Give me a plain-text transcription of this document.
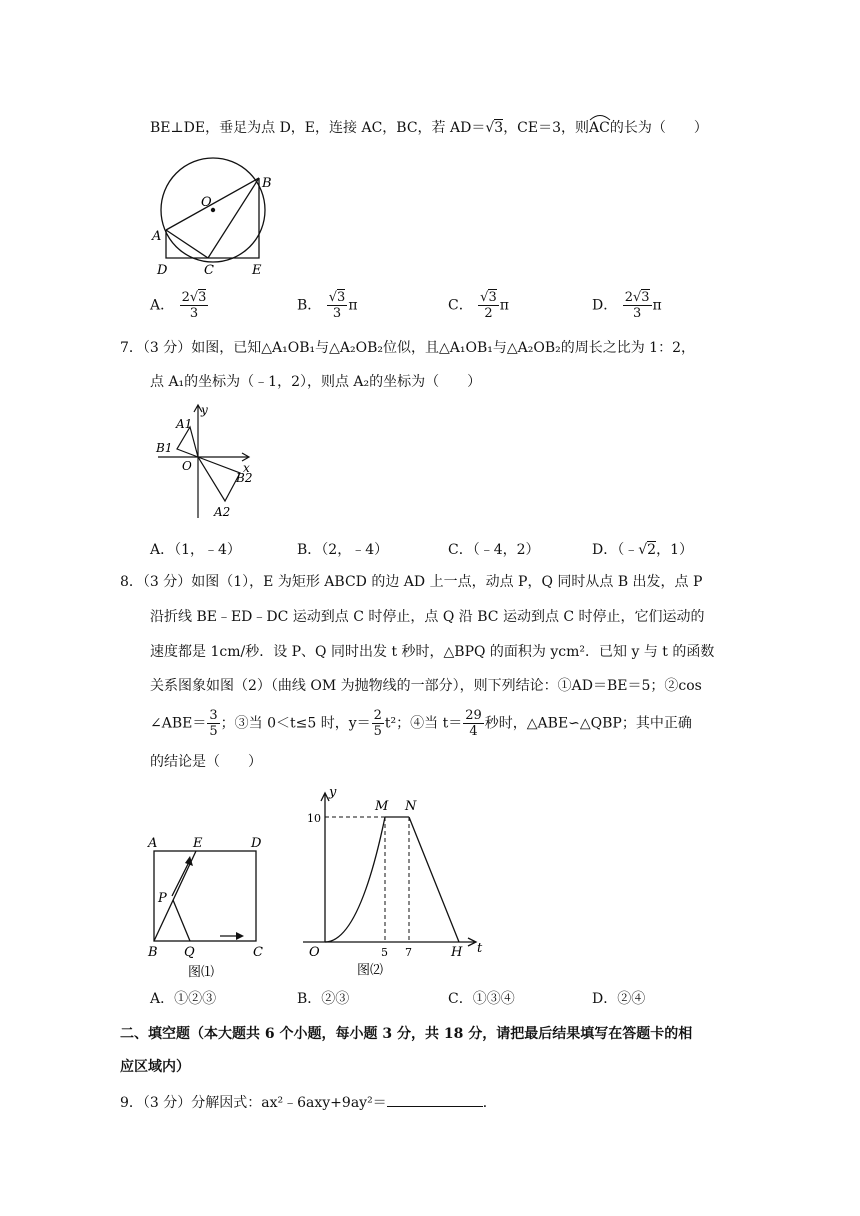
BE⊥DE，垂足为点 D，E，连接 AC，BC，若 AD＝√3，CE＝3，则AC
的长为（　　）
B
O
A
D	C	E
A． $\frac{2√3}{3}$	B． $\frac{√3}{3}$ π	C． $\frac{√3}{2}$ π	D． $\frac{2√3}{3}$ π
7．（3 分）如图，已知△A₁OB₁与△A₂OB₂位似，且△A₁OB₁与△A₂OB₂的周长之比为 1：2，
点 A₁的坐标为（﹣1，2），则点 A₂的坐标为（　　）
y
A1
B1
O	x
B2
A2
A．（1，﹣4）	B．（2，﹣4）	C．（﹣4，2）	D．（﹣√2，1）
8．（3 分）如图（1），E 为矩形 ABCD 的边 AD 上一点，动点 P，Q 同时从点 B 出发，点 P
沿折线 BE﹣ED﹣DC 运动到点 C 时停止，点 Q 沿 BC 运动到点 C 时停止，它们运动的
速度都是 1cm/秒．设 P、Q 同时出发 t 秒时，△BPQ 的面积为 ycm²．已知 y 与 t 的函数
关系图象如图（2）（曲线 OM 为抛物线的一部分），则下列结论：①AD＝BE＝5；②cos
∠ABE＝ $\frac{3}{5}$ ；③当 0＜t≤5 时，$y= \frac{2}{5} t^2$；④当 $t= \frac{29}{4}$ 秒时，△ABE∽△QBP；其中正确
的结论是（　　）
A	E	D
P
B Q	C
图⑴
y
M N
10
O	5 7	H t
图⑵
A．①②③	B．②③	C．①③④	D．②④
二、填空题（本大题共 6 个小题，每小题 3 分，共 18 分，请把最后结果填写在答题卡的相
应区域内）
9．（3 分）分解因式：ax²﹣6axy+9ay²＝	．
